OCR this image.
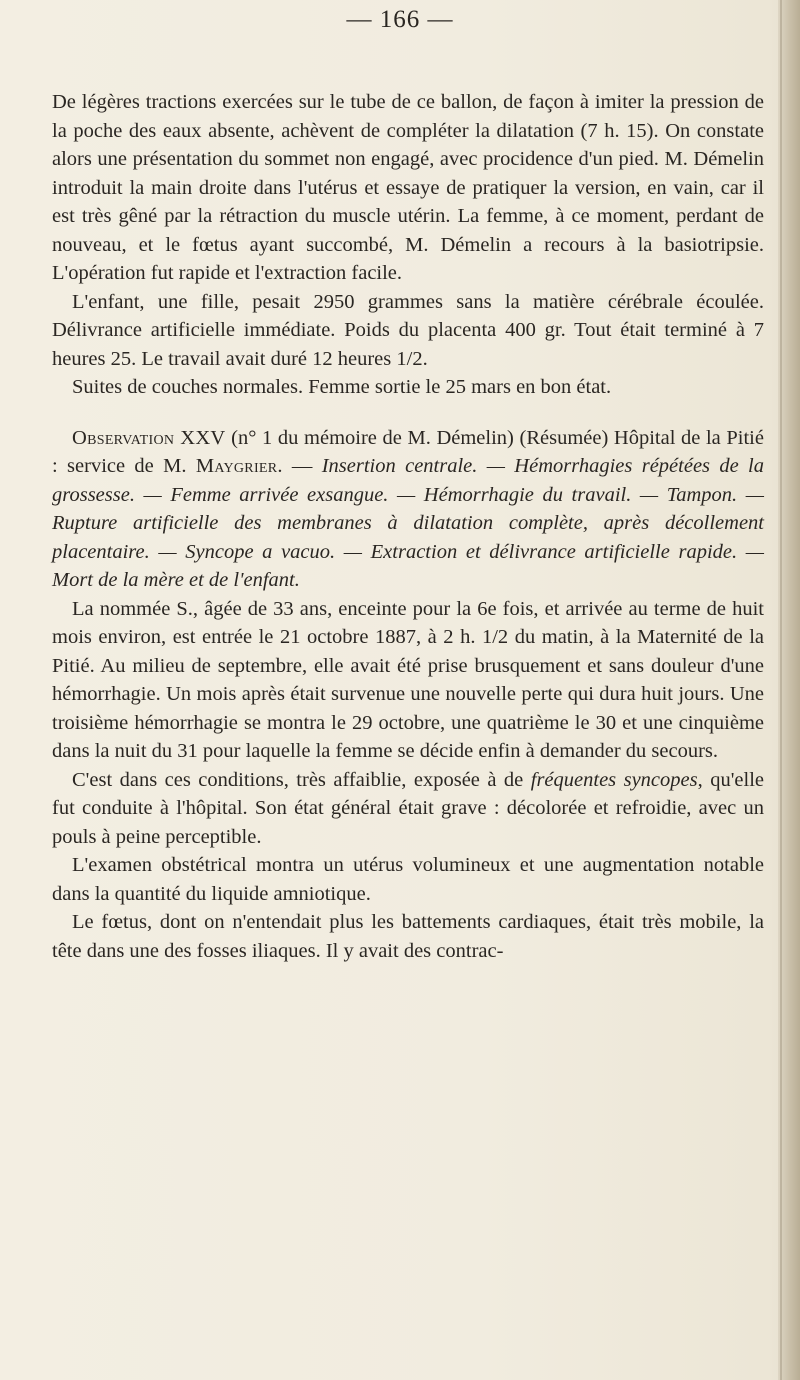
— 166 —

De légères tractions exercées sur le tube de ce ballon, de façon à imiter la pression de la poche des eaux absente, achèvent de compléter la dilatation (7 h. 15). On constate alors une présentation du sommet non engagé, avec procidence d'un pied. M. Démelin introduit la main droite dans l'utérus et essaye de pratiquer la version, en vain, car il est très gêné par la rétraction du muscle utérin. La femme, à ce moment, perdant de nouveau, et le fœtus ayant succombé, M. Démelin a recours à la basiotripsie. L'opération fut rapide et l'extraction facile.

L'enfant, une fille, pesait 2950 grammes sans la matière cérébrale écoulée. Délivrance artificielle immédiate. Poids du placenta 400 gr. Tout était terminé à 7 heures 25. Le travail avait duré 12 heures 1/2.

Suites de couches normales. Femme sortie le 25 mars en bon état.

Observation XXV (n° 1 du mémoire de M. Démelin) (Résumée) Hôpital de la Pitié : service de M. Maygrier. — Insertion centrale. — Hémorrhagies répétées de la grossesse. — Femme arrivée exsangue. — Hémorrhagie du travail. — Tampon. — Rupture artificielle des membranes à dilatation complète, après décollement placentaire. — Syncope a vacuo. — Extraction et délivrance artificielle rapide. — Mort de la mère et de l'enfant.

La nommée S., âgée de 33 ans, enceinte pour la 6e fois, et arrivée au terme de huit mois environ, est entrée le 21 octobre 1887, à 2 h. 1/2 du matin, à la Maternité de la Pitié. Au milieu de septembre, elle avait été prise brusquement et sans douleur d'une hémorrhagie. Un mois après était survenue une nouvelle perte qui dura huit jours. Une troisième hémorrhagie se montra le 29 octobre, une quatrième le 30 et une cinquième dans la nuit du 31 pour laquelle la femme se décide enfin à demander du secours.

C'est dans ces conditions, très affaiblie, exposée à de fréquentes syncopes, qu'elle fut conduite à l'hôpital. Son état général était grave : décolorée et refroidie, avec un pouls à peine perceptible.

L'examen obstétrical montra un utérus volumineux et une augmentation notable dans la quantité du liquide amniotique.

Le fœtus, dont on n'entendait plus les battements cardiaques, était très mobile, la tête dans une des fosses iliaques. Il y avait des contrac-
